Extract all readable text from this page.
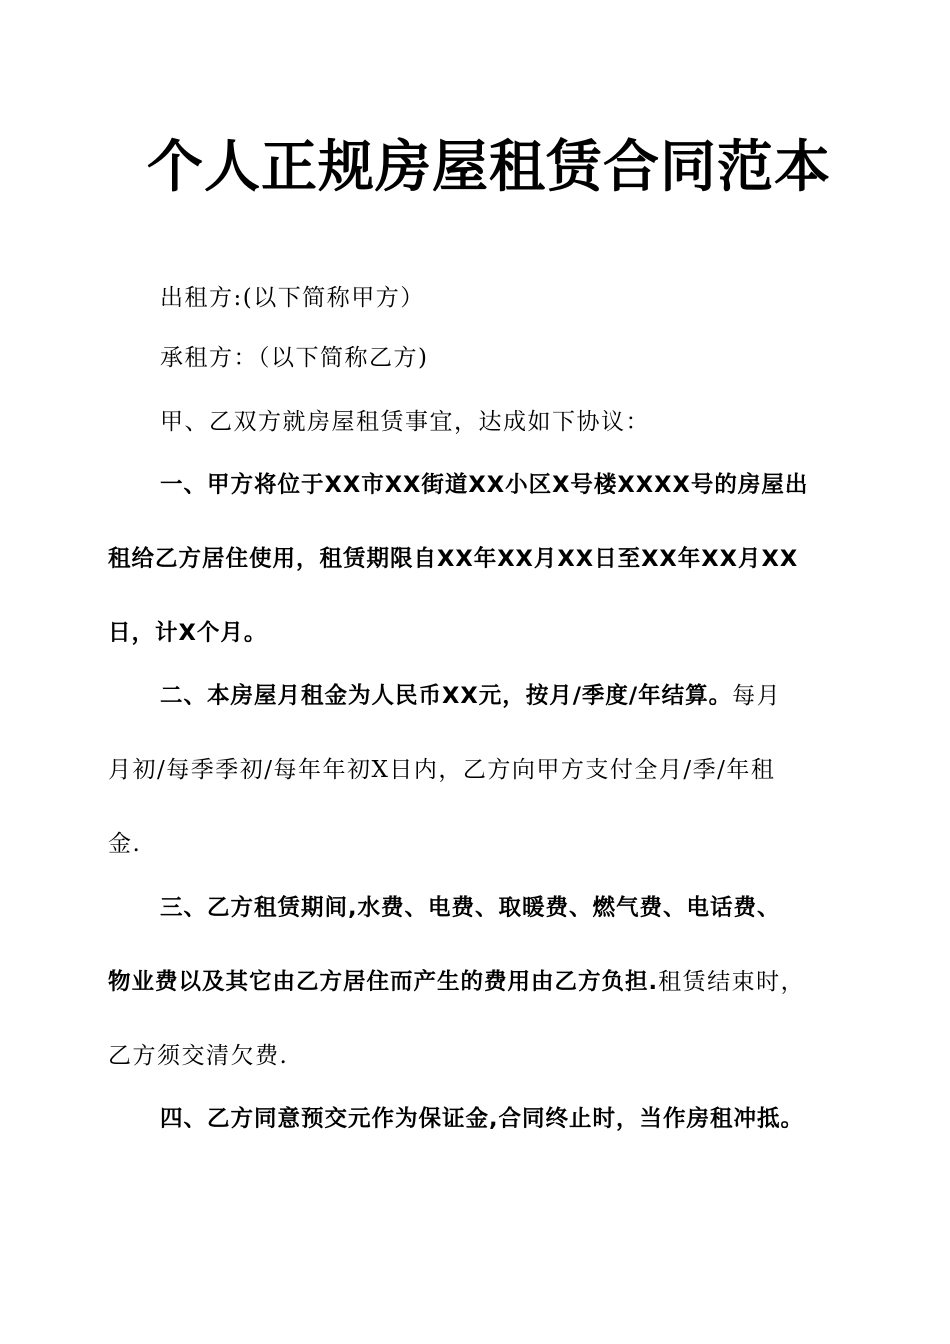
个人正规房屋租赁合同范本
出租方:(以下简称甲方）
承租方：（以下简称乙方)
甲、乙双方就房屋租赁事宜，达成如下协议：
一、甲方将位于XX市XX街道XX小区X号楼XXXX号的房屋出
租给乙方居住使用，租赁期限自XX年XX月XX日至XX年XX月XX
日，计X个月。
二、本房屋月租金为人民币XX元，按月/季度/年结算。每月
月初/每季季初/每年年初X日内，乙方向甲方支付全月/季/年租
金.
三、乙方租赁期间,水费、电费、取暖费、燃气费、电话费、
物业费以及其它由乙方居住而产生的费用由乙方负担.租赁结束时，
乙方须交清欠费.
四、乙方同意预交元作为保证金,合同终止时，当作房租冲抵。
